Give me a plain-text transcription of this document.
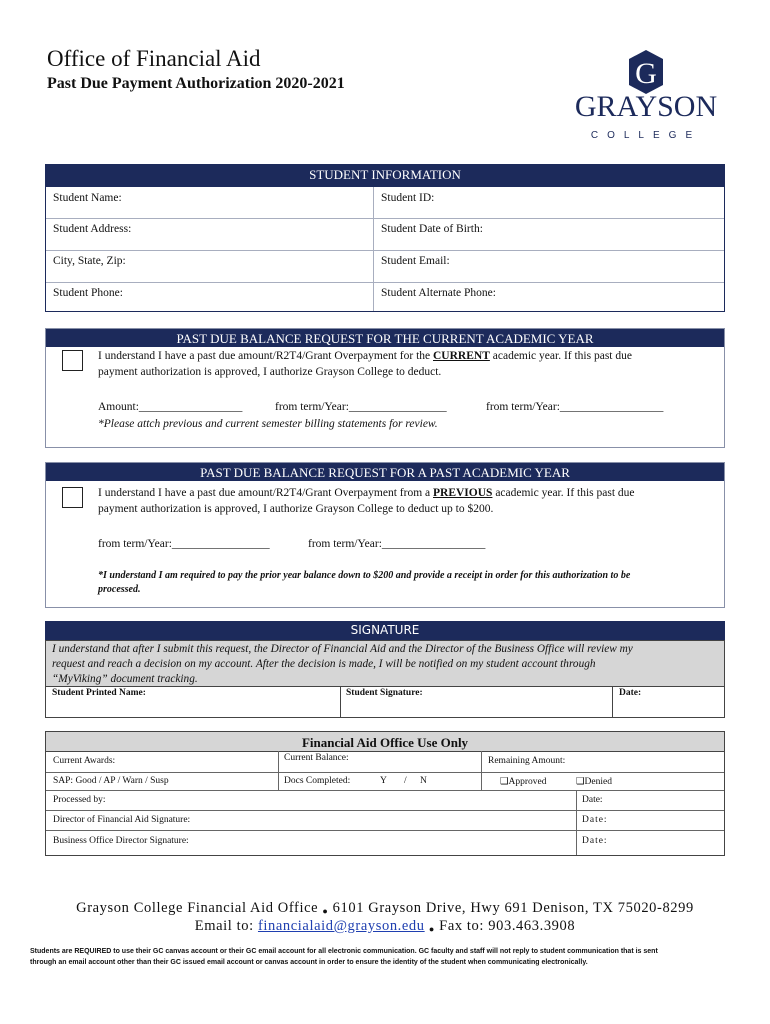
Office of Financial Aid
Past Due Payment Authorization 2020-2021	G
GRAYSON
COLLEGE
STUDENT INFORMATION
Student Name:	Student ID:
Student Address:	Student Date of Birth:
City, State, Zip:	Student Email:
Student Phone:	Student Alternate Phone:
PAST DUE BALANCE REQUEST FOR THE CURRENT ACADEMIC YEAR
I understand I have a past due amount/R2T4/Grant Overpayment for the CURRENT academic year. If this past due
payment authorization is approved, I authorize Grayson College to deduct.
Amount:__________________	from term/Year:_________________	from term/Year:__________________
*Please attch previous and current semester billing statements for review.
PAST DUE BALANCE REQUEST FOR A PAST ACADEMIC YEAR
I understand I have a past due amount/R2T4/Grant Overpayment from a PREVIOUS academic year. If this past due
payment authorization is approved, I authorize Grayson College to deduct up to $200.
from term/Year:_________________	from term/Year:__________________
*I understand I am required to pay the prior year balance down to $200 and provide a receipt in order for this authorization to be
processed.
SIGNATURE
I understand that after I submit this request, the Director of Financial Aid and the Director of the Business Office will review my
request and reach a decision on my account. After the decision is made, I will be notified on my student account through
“MyViking” document tracking.
Student Printed Name:	Student Signature:	Date:
Financial Aid Office Use Only
Current Awards:	Current Balance:	Remaining Amount:
SAP: Good / AP / Warn / Susp	Docs Completed:	Y / N	❑Approved	❑Denied
Processed by:	Date:
Director of Financial Aid Signature:	Date:
Business Office Director Signature:	Date:
Grayson College Financial Aid Office ● 6101 Grayson Drive, Hwy 691 Denison, TX 75020-8299
Email to: financialaid@grayson.edu ● Fax to: 903.463.3908
Students are REQUIRED to use their GC canvas account or their GC email account for all electronic communication. GC faculty and staff will not reply to student communication that is sent
through an email account other than their GC issued email account or canvas account in order to ensure the identity of the student when communicating electronically.
